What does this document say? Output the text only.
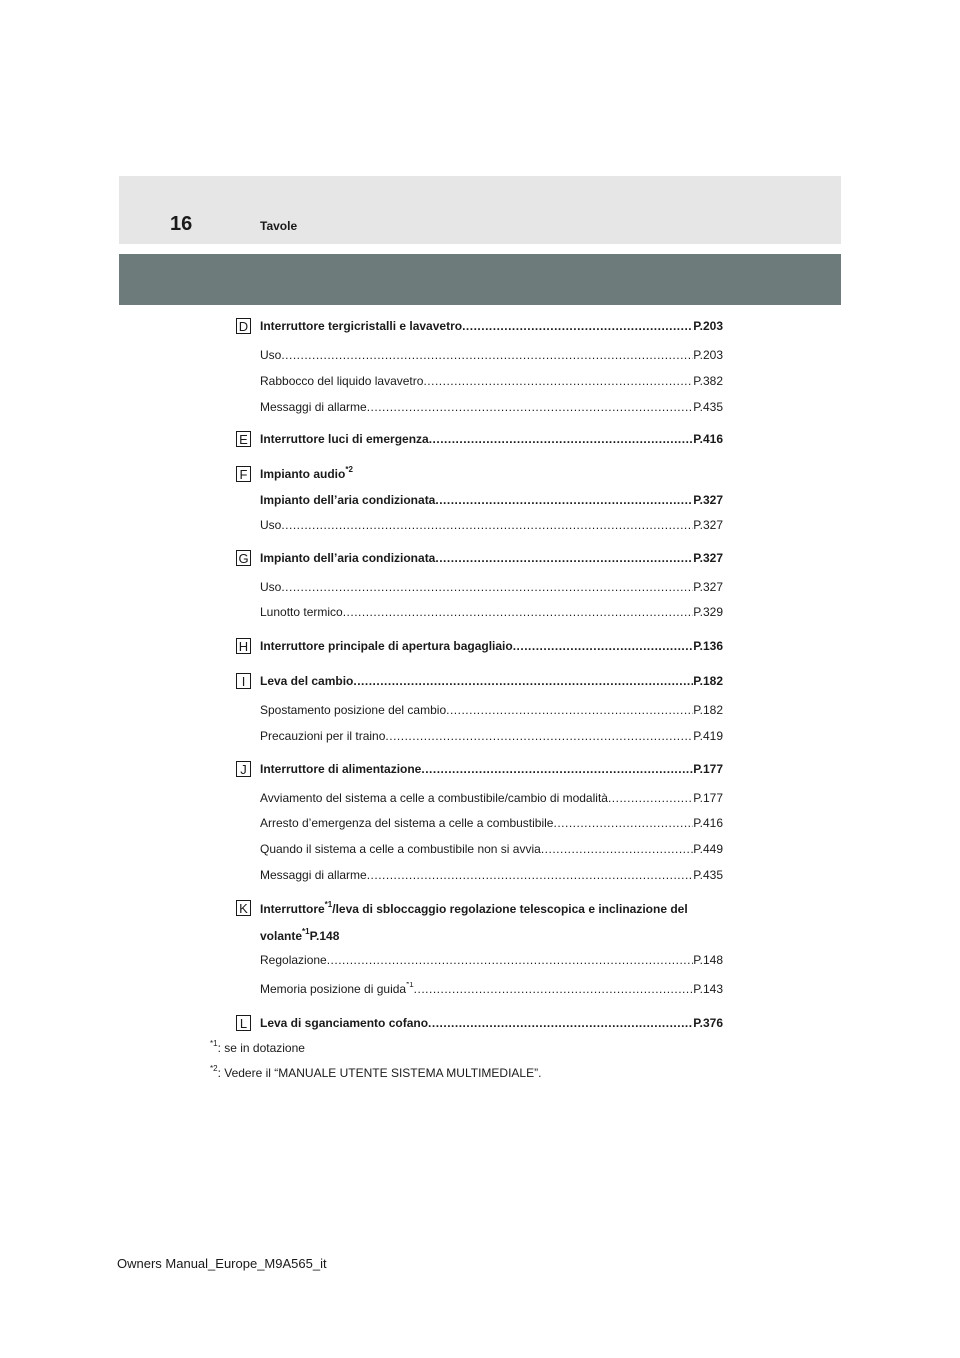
16	Tavole
D Interruttore tergicristalli e lavavetro .....	P.203
Uso .....	P.203
Rabbocco del liquido lavavetro .....	P.382
Messaggi di allarme .....	P.435
E Interruttore luci di emergenza .....	P.416
F Impianto audio$^{*2}$
Impianto dell’aria condizionata .....	P.327
Uso .....	P.327
G Impianto dell’aria condizionata .....	P.327
Uso .....	P.327
Lunotto termico .....	P.329
H Interruttore principale di apertura bagagliaio .....	P.136
I	Leva del cambio .....	P.182
Spostamento posizione del cambio .....	P.182
Precauzioni per il traino .....	P.419
J	Interruttore di alimentazione .....	P.177
Avviamento del sistema a celle a combustibile/cambio di modalità .....	P.177
Arresto d’emergenza del sistema a celle a combustibile .....	P.416
Quando il sistema a celle a combustibile non si avvia .....	P.449
Messaggi di allarme .....	P.435
K Interruttore$^{*1}$/leva di sbloccaggio regolazione telescopica e inclinazione del
volante$^{*1}$P.148
Regolazione .....	P.148
Memoria posizione di guida$^{*1}$ .....	P.143
L	Leva di sganciamento cofano .....	P.376
$^{*1}$: se in dotazione
$^{*2}$: Vedere il “MANUALE UTENTE SISTEMA MULTIMEDIALE”.
Owners Manual_Europe_M9A565_it
